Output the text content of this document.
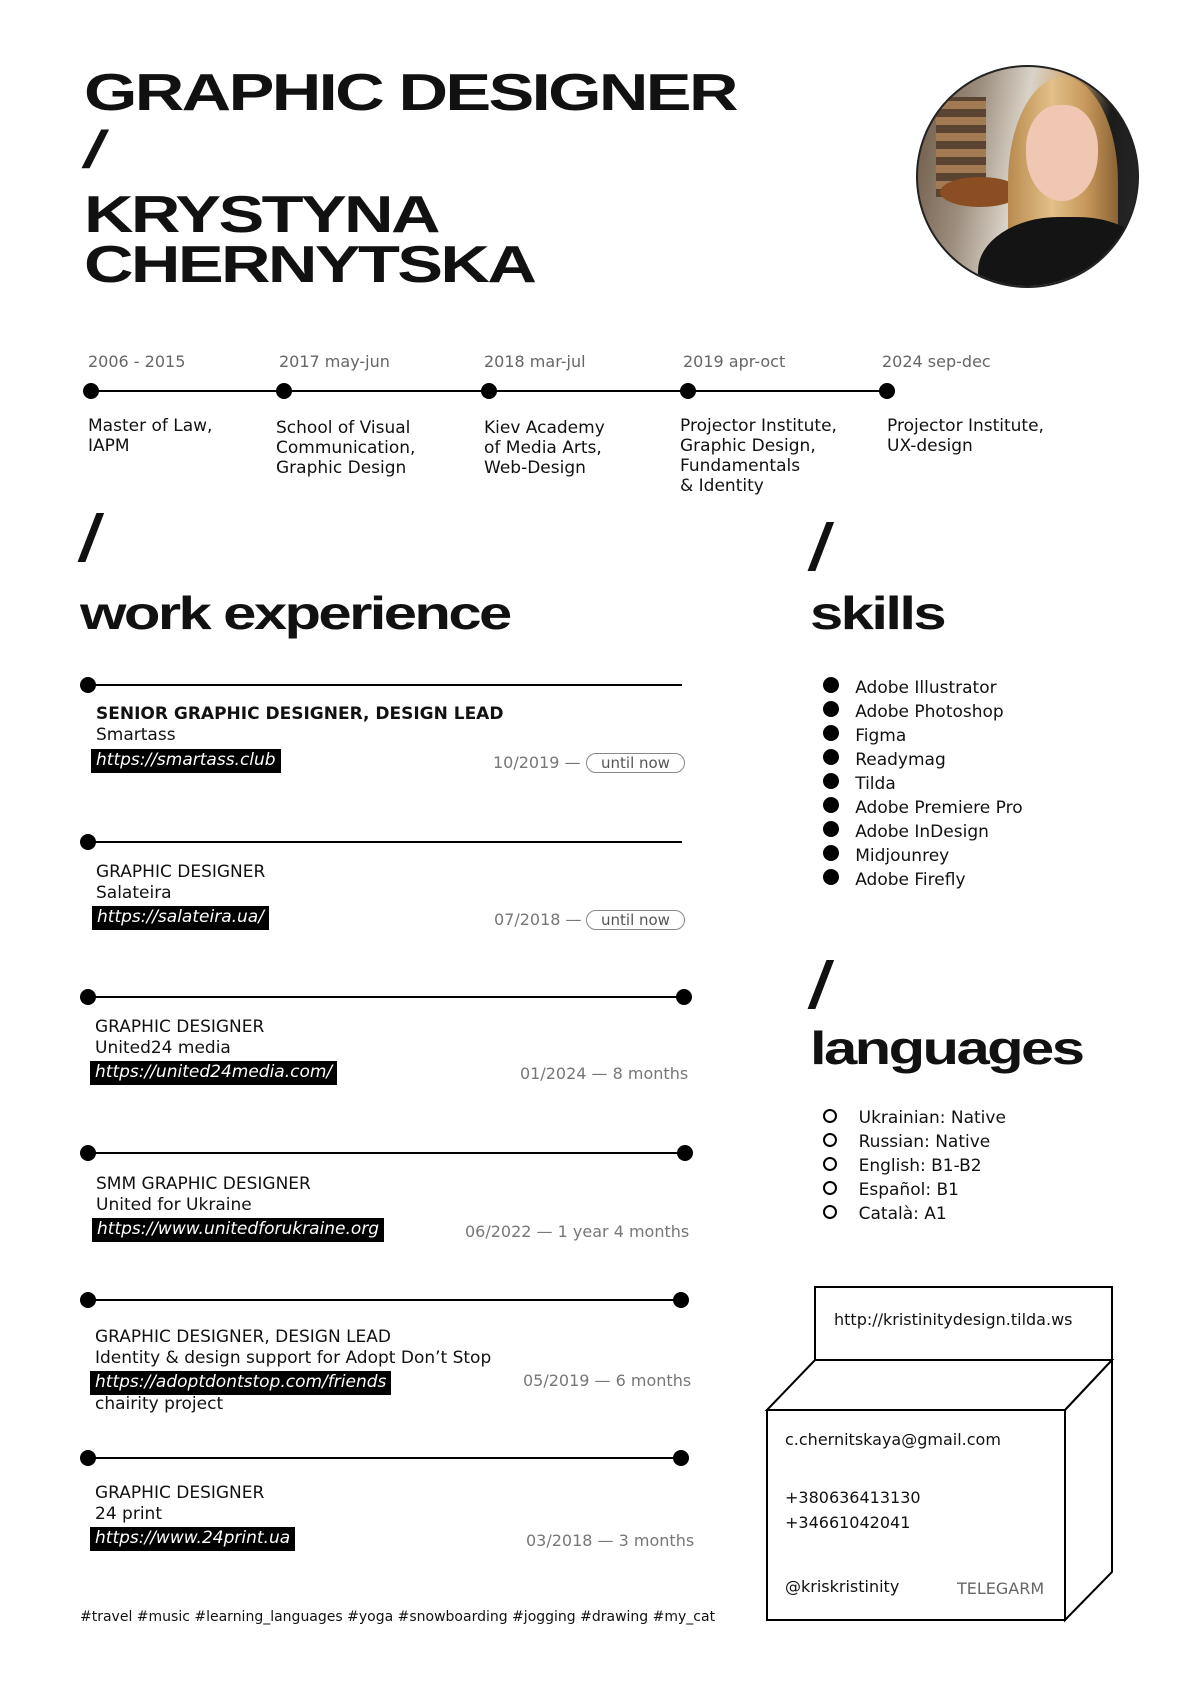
GRAPHIC DESIGNER
/
KRYSTYNA
CHERNYTSKA
2006 - 2015
Master of Law,
IAPM
2017 may-jun
School of Visual
Communication,
Graphic Design
2018 mar-jul
Kiev Academy
of Media Arts,
Web-Design
2019 apr-oct
Projector Institute,
Graphic Design,
Fundamentals
& Identity
2024 sep-dec
Projector Institute,
UX-design
/
work experience
SENIOR GRAPHIC DESIGNER, DESIGN LEAD
Smartass
https://smartass.club	10/2019 —	until now
GRAPHIC DESIGNER
Salateira
https://salateira.ua/	07/2018 —	until now
GRAPHIC DESIGNER
United24 media
https://united24media.com/	01/2024 — 8 months
SMM GRAPHIC DESIGNER
United for Ukraine
https://www.unitedforukraine.org	06/2022 — 1 year 4 months
GRAPHIC DESIGNER, DESIGN LEAD
Identity & design support for Adopt Don’t Stop
https://adoptdontstop.com/friends
chairity project
05/2019 — 6 months
GRAPHIC DESIGNER
24 print
https://www.24print.ua	03/2018 — 3 months
/
skills
Adobe Illustrator
Adobe Photoshop
Figma
Readymag
Tilda
Adobe Premiere Pro
Adobe InDesign
Midjounrey
Adobe Firefly
/
languages
Ukrainian: Native
Russian: Native
English: B1-B2
Español: B1
Català: A1
http://kristinitydesign.tilda.ws
c.chernitskaya@gmail.com
+380636413130
+34661042041
@kriskristinity	TELEGARM
#travel #music #learning_languages #yoga #snowboarding #jogging #drawing #my_cat
